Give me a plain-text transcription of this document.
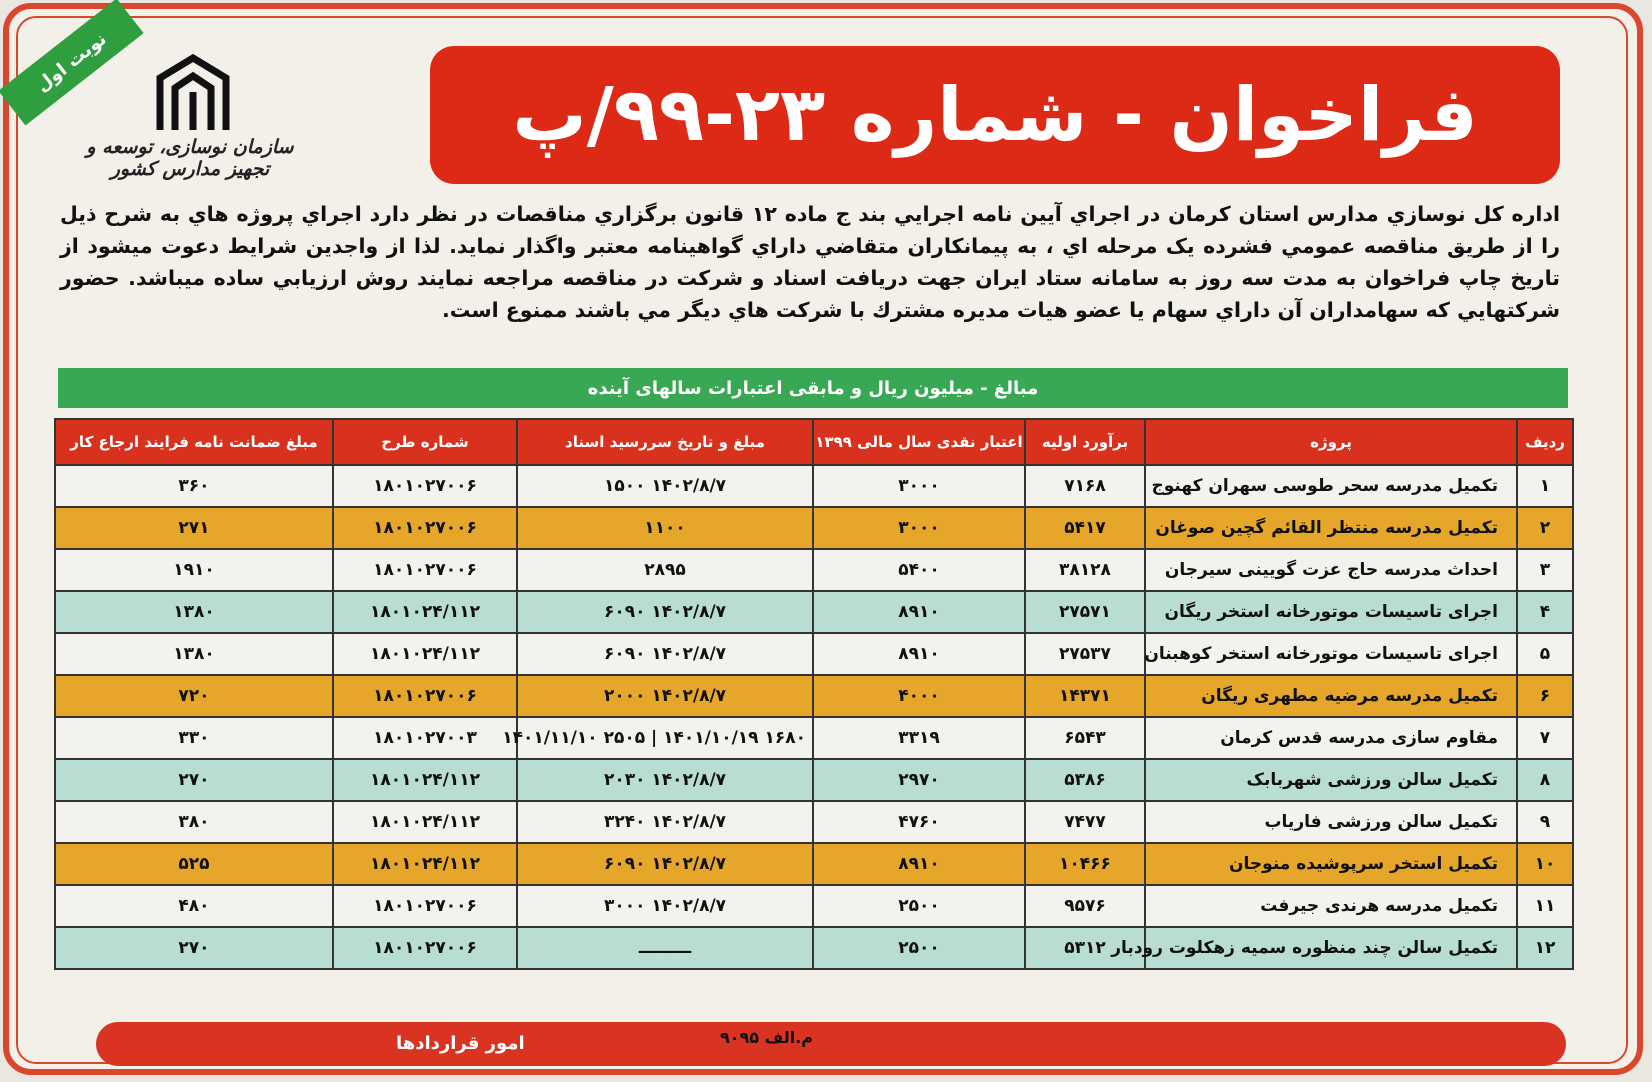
نوبت اول
سازمان نوسازی، توسعه و تجهیز مدارس کشور
فراخوان - شماره ۲۳-۹۹/پ
اداره کل نوسازي مدارس استان كرمان در اجراي آيين نامه اجرايي بند ج ماده ۱۲ قانون برگزاري مناقصات در نظر دارد اجراي پروژه هاي به شرح ذيل را از طريق مناقصه عمومي فشرده يک مرحله اي ، به پيمانكاران متقاضي داراي گواهينامه معتبر واگذار نمايد. لذا از واجدين شرايط دعوت ميشود از تاريخ چاپ فراخوان به مدت سه روز به سامانه ستاد ايران جهت دريافت اسناد و شركت در مناقصه مراجعه نمايند روش ارزيابي ساده ميباشد. حضور شركتهايي كه سهامداران آن داراي سهام يا عضو هيات مديره مشترك با شركت هاي ديگر مي باشند ممنوع است.
مبالغ - میلیون ریال و مابقی اعتبارات سالهای آینده
ردیف	پروژه	برآورد اولیه	اعتبار نقدی سال مالی ۱۳۹۹	مبلغ و تاریخ سررسید اسناد	شماره طرح	مبلغ ضمانت نامه فرایند ارجاع کار
۱	تکمیل مدرسه سحر طوسی سهران کهنوج	۷۱۶۸	۳۰۰۰	۱۴۰۲/۸/۷ ۱۵۰۰	۱۸۰۱۰۲۷۰۰۶	۳۶۰
۲	تکمیل مدرسه منتظر القائم گچین صوغان	۵۴۱۷	۳۰۰۰	۱۱۰۰	۱۸۰۱۰۲۷۰۰۶	۲۷۱
۳	احداث مدرسه حاج عزت گویینی سیرجان	۳۸۱۲۸	۵۴۰۰	۲۸۹۵	۱۸۰۱۰۲۷۰۰۶	۱۹۱۰
۴	اجرای تاسیسات موتورخانه استخر ریگان	۲۷۵۷۱	۸۹۱۰	۱۴۰۲/۸/۷ ۶۰۹۰	۱۸۰۱۰۲۴/۱۱۲	۱۳۸۰
۵	اجرای تاسیسات موتورخانه استخر کوهبنان	۲۷۵۳۷	۸۹۱۰	۱۴۰۲/۸/۷ ۶۰۹۰	۱۸۰۱۰۲۴/۱۱۲	۱۳۸۰
۶	تکمیل مدرسه مرضیه مطهری ریگان	۱۴۳۷۱	۴۰۰۰	۱۴۰۲/۸/۷ ۲۰۰۰	۱۸۰۱۰۲۷۰۰۶	۷۲۰
۷	مقاوم سازی مدرسه قدس کرمان	۶۵۴۳	۳۳۱۹	۱۶۸۰ ۱۴۰۱/۱۰/۱۹ | ۲۵۰۵ ۱۴۰۱/۱۱/۱۰	۱۸۰۱۰۲۷۰۰۳	۳۳۰
۸	تکمیل سالن ورزشی شهربابک	۵۳۸۶	۲۹۷۰	۱۴۰۲/۸/۷ ۲۰۳۰	۱۸۰۱۰۲۴/۱۱۲	۲۷۰
۹	تکمیل سالن ورزشی فاریاب	۷۴۷۷	۴۷۶۰	۱۴۰۲/۸/۷ ۳۲۴۰	۱۸۰۱۰۲۴/۱۱۲	۳۸۰
۱۰	تکمیل استخر سرپوشیده منوجان	۱۰۴۶۶	۸۹۱۰	۱۴۰۲/۸/۷ ۶۰۹۰	۱۸۰۱۰۲۴/۱۱۲	۵۲۵
۱۱	تکمیل مدرسه هرندی جیرفت	۹۵۷۶	۲۵۰۰	۱۴۰۲/۸/۷ ۳۰۰۰	۱۸۰۱۰۲۷۰۰۶	۴۸۰
۱۲	تکمیل سالن چند منظوره سمیه زهکلوت رودبار	۵۳۱۲	۲۵۰۰	ـــــــــ	۱۸۰۱۰۲۷۰۰۶	۲۷۰
امور قراردادها	م.الف ۹۰۹۵
